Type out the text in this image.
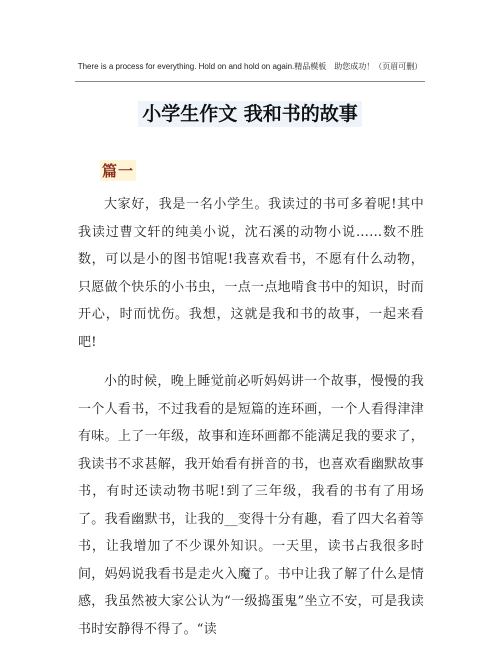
There is a process for everything. Hold on and hold on again.精品模板　助您成功！（页眉可删）
小学生作文 我和书的故事
篇一

大家好，我是一名小学生。我读过的书可多着呢!其中我读过曹文轩的纯美小说，沈石溪的动物小说……数不胜数，可以是小的图书馆呢!我喜欢看书，不愿有什么动物，只愿做个快乐的小书虫，一点一点地啃食书中的知识，时而开心，时而忧伤。我想，这就是我和书的故事，一起来看吧!

小的时候，晚上睡觉前必听妈妈讲一个故事，慢慢的我一个人看书，不过我看的是短篇的连环画，一个人看得津津有味。上了一年级，故事和连环画都不能满足我的要求了，我读书不求甚解，我开始看有拼音的书，也喜欢看幽默故事书，有时还读动物书呢!到了三年级，我看的书有了用场了。我看幽默书，让我的__变得十分有趣，看了四大名着等书，让我增加了不少课外知识。一天里，读书占我很多时间，妈妈说我看书是走火入魔了。书中让我了解了什么是情感，我虽然被大家公认为“一级捣蛋鬼”坐立不安，可是我读书时安静得不得了。“读
